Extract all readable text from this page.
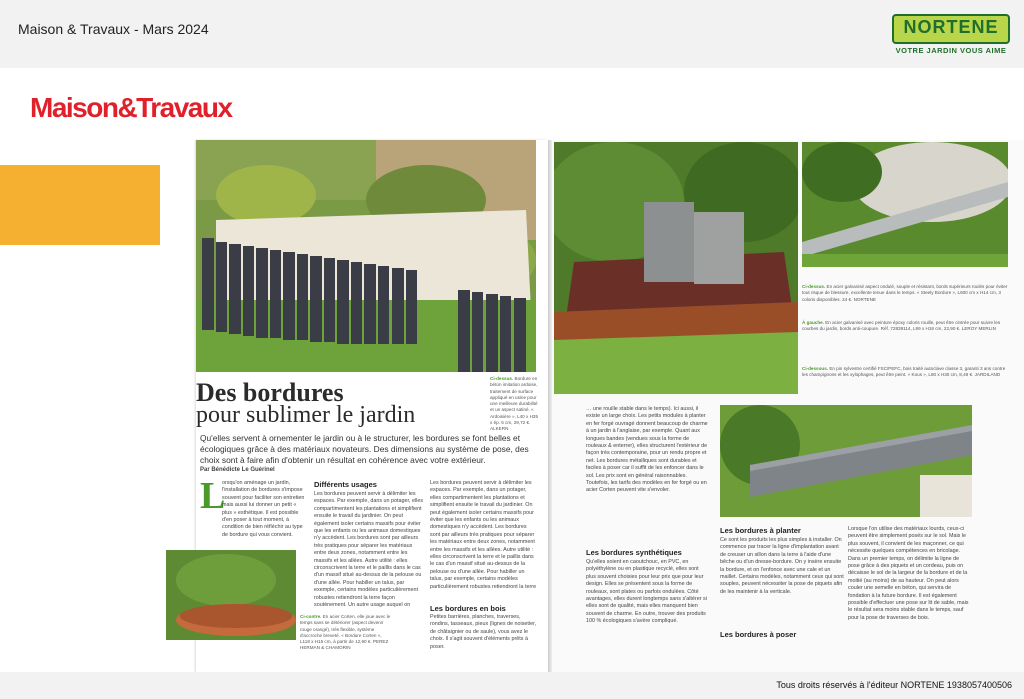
Maison & Travaux - Mars 2024	NORTENE
VOTRE JARDIN VOUS AIME
Maison&Travaux
Ci-dessus. Bordure en béton imitation ardoise, traitement de surface appliqué en usine pour une meilleure durabilité et un aspect satiné. « Ardoisière », L40 x H35 x ép. 5 cm, 29,72 €. ALKERN
Des bordures
pour sublimer le jardin
Qu'elles servent à ornementer le jardin ou à le structurer, les bordures se font belles et écologiques grâce à des matériaux novateurs. Des dimensions au système de pose, des choix sont à faire afin d'obtenir un résultat en cohérence avec votre extérieur.
Par Bénédicte Le Guérinel
L
orsqu'on aménage un jardin, l'installation de bordures s'impose souvent pour faciliter son entretien mais aussi lui donner un petit « plus » esthétique. Il est possible d'en poser à tout moment, à condition de bien réfléchir au type de bordure qui vous convient.
Ci-contre. En acier Corten, elle joue avec le temps sans se détériorer (aspect devenir rouge orangé), très flexible, système d'accroche breveté. « Bordure Corten », L118 x H15 cm, à partir de 12,90 €. PEREZ HERMAN & CHAMORIN
Différents usages
Les bordures peuvent servir à délimiter les espaces. Par exemple, dans un potager, elles compartimentent les plantations et simplifient ensuite le travail du jardinier. On peut également isoler certains massifs pour éviter que les enfants ou les animaux domestiques n'y accèdent. Les bordures sont par ailleurs très pratiques pour séparer les matériaux entre deux zones, notamment entre les massifs et les allées. Autre utilité : elles circonscrivent la terre et le paillis dans le cas d'un massif situé au-dessus de la pelouse ou d'une allée. Pour habiller un talus, par exemple, certains modèles particulièrement robustes retiendront la terre façon soutènement. Un autre usage auquel on
Les bordures peuvent servir à délimiter les espaces. Par exemple, dans un potager, elles compartimentent les plantations et simplifient ensuite le travail du jardinier. On peut également isoler certains massifs pour éviter que les enfants ou les animaux domestiques n'y accèdent. Les bordures sont par ailleurs très pratiques pour séparer les matériaux entre deux zones, notamment entre les massifs et les allées. Autre utilité : elles circonscrivent la terre et le paillis dans le cas d'un massif situé au-dessus de la pelouse ou d'une allée. Pour habiller un talus, par exemple, certains modèles particulièrement robustes retiendront la terre
Les bordures en bois
Petites barrières, planches, traverses, rondins, tasseaux, pieux (lignes de noisetier, de châtaignier ou de saule), vous avez le choix. Il s'agit souvent d'éléments prêts à poser.
Ci-dessus. En acier galvanisé aspect ondulé, souple et résistant, bords supérieurs roulés pour éviter tout risque de blessure, excellente tenue dans le temps. « Steely Bordure », L600 cm x H14 cm, 3 coloris disponibles. 24 €. NORTENE
À gauche. En acier galvanisé avec peinture époxy coloris rouille, peut être cintrée pour suivre les courbes du jardin, bords anti-coupure. Réf. 72839114, L99 x H18 cm, 22,90 €. LEROY MERLIN
Ci-dessous. En pin sylvestre certifié FSC/PEFC, bois traité autoclave classe 3, garanti 3 ans contre les champignons et les xylophages, peut être peint. « Kous », L80 x H30 cm, 8,49 €. JARDILAND
… une rouille stable dans le temps). Ici aussi, il existe un large choix. Les petits modules à planter en fer forgé ouvragé donnent beaucoup de charme à un jardin à l'anglaise, par exemple. Quant aux longues bandes (vendues sous la forme de rouleaux & enterrer), elles structurent l'extérieur de façon très contemporaine, pour un rendu propre et net. Les bordures métalliques sont durables et faciles à poser car il suffit de les enfoncer dans le sol. Les prix sont en général raisonnables. Toutefois, les tarifs des modèles en fer forgé ou en acier Corten peuvent vite s'envoler.
Les bordures synthétiques
Qu'elles soient en caoutchouc, en PVC, en polyéthylène ou en plastique recyclé, elles sont plus souvent choisies pour leur prix que pour leur design. Elles se présentent sous la forme de rouleaux, sont plates ou parfois ondulées. Côté avantages, elles durent longtemps sans s'altérer si elles sont de qualité, mais elles manquent bien souvent de charme. En outre, trouver des produits 100 % écologiques s'avère compliqué.
Les bordures à planter
Ce sont les produits les plus simples à installer. On commence par tracer la ligne d'implantation avant de creuser un sillon dans la terre à l'aide d'une bêche ou d'un dresse-bordure. On y insère ensuite la bordure, et on l'enfonce avec une cale et un maillet. Certains modèles, notamment ceux qui sont souples, peuvent nécessiter la pose de piquets afin de les maintenir à la verticale.
Les bordures à poser
Lorsque l'on utilise des matériaux lourds, ceux-ci peuvent être simplement posés sur le sol. Mais le plus souvent, il convient de les maçonner, ce qui nécessite quelques compétences en bricolage. Dans un premier temps, on délimite la ligne de pose grâce à des piquets et un cordeau, puis on décaisse le sol de la largeur de la bordure et de la moitié (au moins) de sa hauteur. On peut alors couler une semelle en béton, qui servira de fondation à la future bordure. Il est également possible d'effectuer une pose sur lit de sable, mais le résultat sera moins stable dans le temps, sauf pour la pose de traverses de bois.
Tous droits réservés à l'éditeur NORTENE 1938057400506
